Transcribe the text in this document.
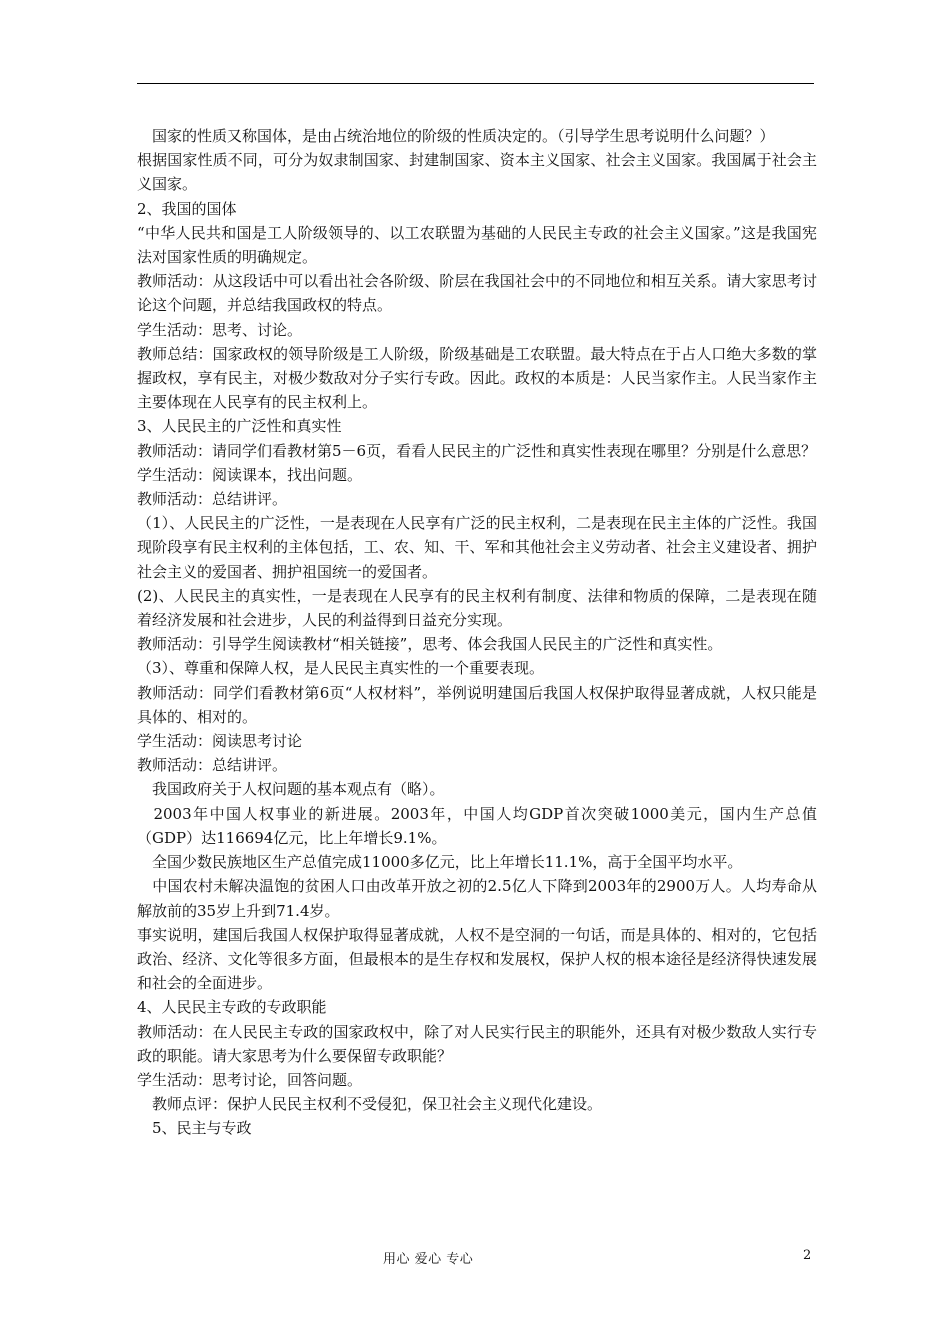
　国家的性质又称国体，是由占统治地位的阶级的性质决定的。（引导学生思考说明什么问题？）

根据国家性质不同，可分为奴隶制国家、封建制国家、资本主义国家、社会主义国家。我国属于社会主义国家。

2、我国的国体

“中华人民共和国是工人阶级领导的、以工农联盟为基础的人民民主专政的社会主义国家。”这是我国宪法对国家性质的明确规定。

教师活动：从这段话中可以看出社会各阶级、阶层在我国社会中的不同地位和相互关系。请大家思考讨论这个问题，并总结我国政权的特点。

学生活动：思考、讨论。

教师总结：国家政权的领导阶级是工人阶级，阶级基础是工农联盟。最大特点在于占人口绝大多数的掌握政权，享有民主，对极少数敌对分子实行专政。因此。政权的本质是：人民当家作主。人民当家作主主要体现在人民享有的民主权利上。

3、人民民主的广泛性和真实性

教师活动：请同学们看教材第5－6页，看看人民民主的广泛性和真实性表现在哪里？分别是什么意思？

学生活动：阅读课本，找出问题。

教师活动：总结讲评。

（1）、人民民主的广泛性，一是表现在人民享有广泛的民主权利，二是表现在民主主体的广泛性。我国现阶段享有民主权利的主体包括，工、农、知、干、军和其他社会主义劳动者、社会主义建设者、拥护社会主义的爱国者、拥护祖国统一的爱国者。

(2)、人民民主的真实性，一是表现在人民享有的民主权利有制度、法律和物质的保障，二是表现在随着经济发展和社会进步，人民的利益得到日益充分实现。

教师活动：引导学生阅读教材“相关链接”，思考、体会我国人民民主的广泛性和真实性。

（3）、尊重和保障人权，是人民民主真实性的一个重要表现。

教师活动：同学们看教材第6页“人权材料”，举例说明建国后我国人权保护取得显著成就，人权只能是具体的、相对的。

学生活动：阅读思考讨论

教师活动：总结讲评。

　我国政府关于人权问题的基本观点有（略）。

　2003年中国人权事业的新进展。2003年，中国人均GDP首次突破1000美元，国内生产总值（GDP）达116694亿元，比上年增长9.1%。

　全国少数民族地区生产总值完成11000多亿元，比上年增长11.1%，高于全国平均水平。

　中国农村未解决温饱的贫困人口由改革开放之初的2.5亿人下降到2003年的2900万人。人均寿命从解放前的35岁上升到71.4岁。

事实说明，建国后我国人权保护取得显著成就，人权不是空洞的一句话，而是具体的、相对的，它包括政治、经济、文化等很多方面，但最根本的是生存权和发展权，保护人权的根本途径是经济得快速发展和社会的全面进步。

4、人民民主专政的专政职能

教师活动：在人民民主专政的国家政权中，除了对人民实行民主的职能外，还具有对极少数敌人实行专政的职能。请大家思考为什么要保留专政职能？

学生活动：思考讨论，回答问题。

　教师点评：保护人民民主权利不受侵犯，保卫社会主义现代化建设。

　5、民主与专政

用心 爱心 专心	2
